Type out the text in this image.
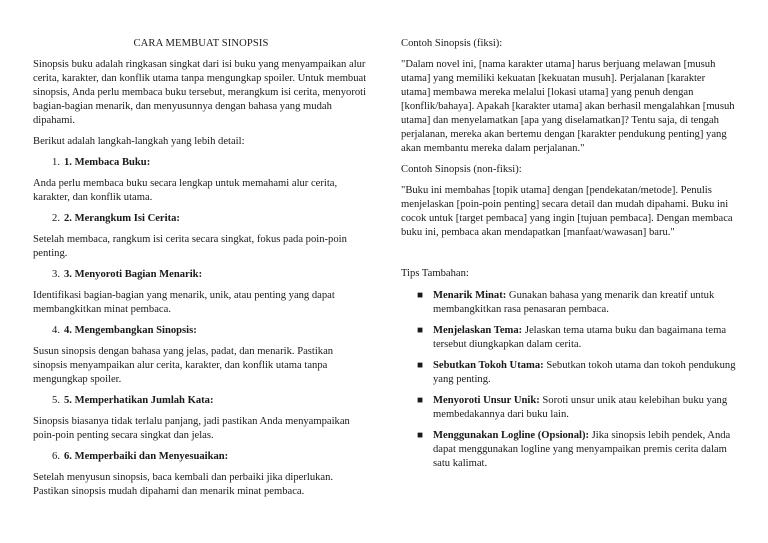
CARA MEMBUAT SINOPSIS

Sinopsis buku adalah ringkasan singkat dari isi buku yang menyampaikan alur cerita, karakter, dan konflik utama tanpa mengungkap spoiler. Untuk membuat sinopsis, Anda perlu membaca buku tersebut, merangkum isi cerita, menyoroti bagian-bagian menarik, dan menyusunnya dengan bahasa yang mudah dipahami.

Berikut adalah langkah-langkah yang lebih detail:

1. 1. Membaca Buku:

Anda perlu membaca buku secara lengkap untuk memahami alur cerita, karakter, dan konflik utama.

2. 2. Merangkum Isi Cerita:

Setelah membaca, rangkum isi cerita secara singkat, fokus pada poin-poin penting.

3. 3. Menyoroti Bagian Menarik:

Identifikasi bagian-bagian yang menarik, unik, atau penting yang dapat membangkitkan minat pembaca.

4. 4. Mengembangkan Sinopsis:

Susun sinopsis dengan bahasa yang jelas, padat, dan menarik. Pastikan sinopsis menyampaikan alur cerita, karakter, dan konflik utama tanpa mengungkap spoiler.

5. 5. Memperhatikan Jumlah Kata:

Sinopsis biasanya tidak terlalu panjang, jadi pastikan Anda menyampaikan poin-poin penting secara singkat dan jelas.

6. 6. Memperbaiki dan Menyesuaikan:

Setelah menyusun sinopsis, baca kembali dan perbaiki jika diperlukan. Pastikan sinopsis mudah dipahami dan menarik minat pembaca.

Contoh Sinopsis (fiksi):

"Dalam novel ini, [nama karakter utama] harus berjuang melawan [musuh utama] yang memiliki kekuatan [kekuatan musuh]. Perjalanan [karakter utama] membawa mereka melalui [lokasi utama] yang penuh dengan [konflik/bahaya]. Apakah [karakter utama] akan berhasil mengalahkan [musuh utama] dan menyelamatkan [apa yang diselamatkan]? Tentu saja, di tengah perjalanan, mereka akan bertemu dengan [karakter pendukung penting] yang akan membantu mereka dalam perjalanan."

Contoh Sinopsis (non-fiksi):

"Buku ini membahas [topik utama] dengan [pendekatan/metode]. Penulis menjelaskan [poin-poin penting] secara detail dan mudah dipahami. Buku ini cocok untuk [target pembaca] yang ingin [tujuan pembaca]. Dengan membaca buku ini, pembaca akan mendapatkan [manfaat/wawasan] baru."

Tips Tambahan:

■ Menarik Minat: Gunakan bahasa yang menarik dan kreatif untuk membangkitkan rasa penasaran pembaca.
■ Menjelaskan Tema: Jelaskan tema utama buku dan bagaimana tema tersebut diungkapkan dalam cerita.
■ Sebutkan Tokoh Utama: Sebutkan tokoh utama dan tokoh pendukung yang penting.
■ Menyoroti Unsur Unik: Soroti unsur unik atau kelebihan buku yang membedakannya dari buku lain.
■ Menggunakan Logline (Opsional): Jika sinopsis lebih pendek, Anda dapat menggunakan logline yang menyampaikan premis cerita dalam satu kalimat.
